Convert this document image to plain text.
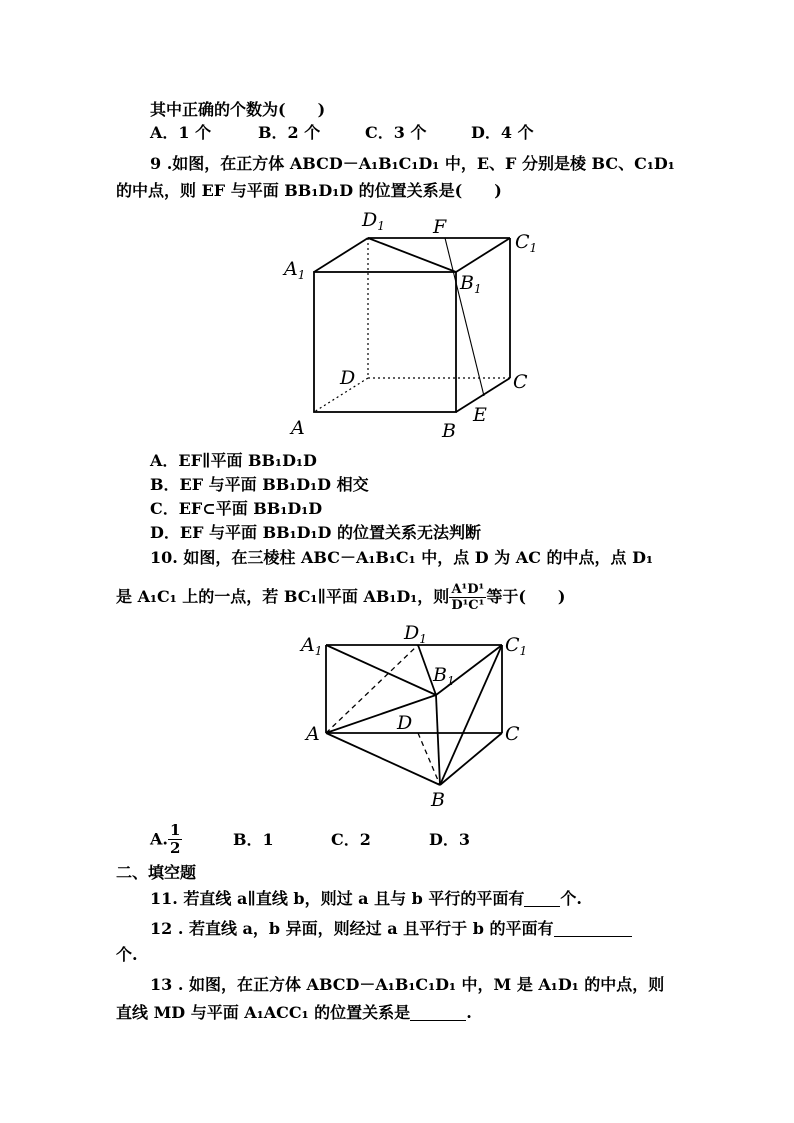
其中正确的个数为(　　)
A．1 个	B．2 个	C．3 个	D．4 个
9 .如图，在正方体 ABCD－A₁B₁C₁D₁ 中，E、F 分别是棱 BC、C₁D₁
的中点，则 EF 与平面 BB₁D₁D 的位置关系是(　　)
$D_1$	F
$C_1$
$A_1$	$B_1$
D	C
A	B
E
A．EF∥平面 BB₁D₁D
B．EF 与平面 BB₁D₁D 相交
C．EF⊂平面 BB₁D₁D
D．EF 与平面 BB₁D₁D 的位置关系无法判断
10. 如图，在三棱柱 ABC－A₁B₁C₁ 中，点 D 为 AC 的中点，点 D₁
是 A₁C₁ 上的一点，若 BC₁∥平面 AB₁D₁，则 $\frac{\text{A¹D¹}}{\text{D¹C¹}}$ 等于(　　)
$A_1$
$D_1$	$C_1$
$B_1$
D
A	C
B
A. $\frac{1}{2}$	B．1	C．2	D．3
二、填空题
11. 若直线 a∥直线 b，则过 a 且与 b 平行的平面有 个.
12 . 若直线 a，b 异面，则经过 a 且平行于 b 的平面有
个.
13 . 如图，在正方体 ABCD－A₁B₁C₁D₁ 中，M 是 A₁D₁ 的中点，则
直线 MD 与平面 A₁ACC₁ 的位置关系是	.
